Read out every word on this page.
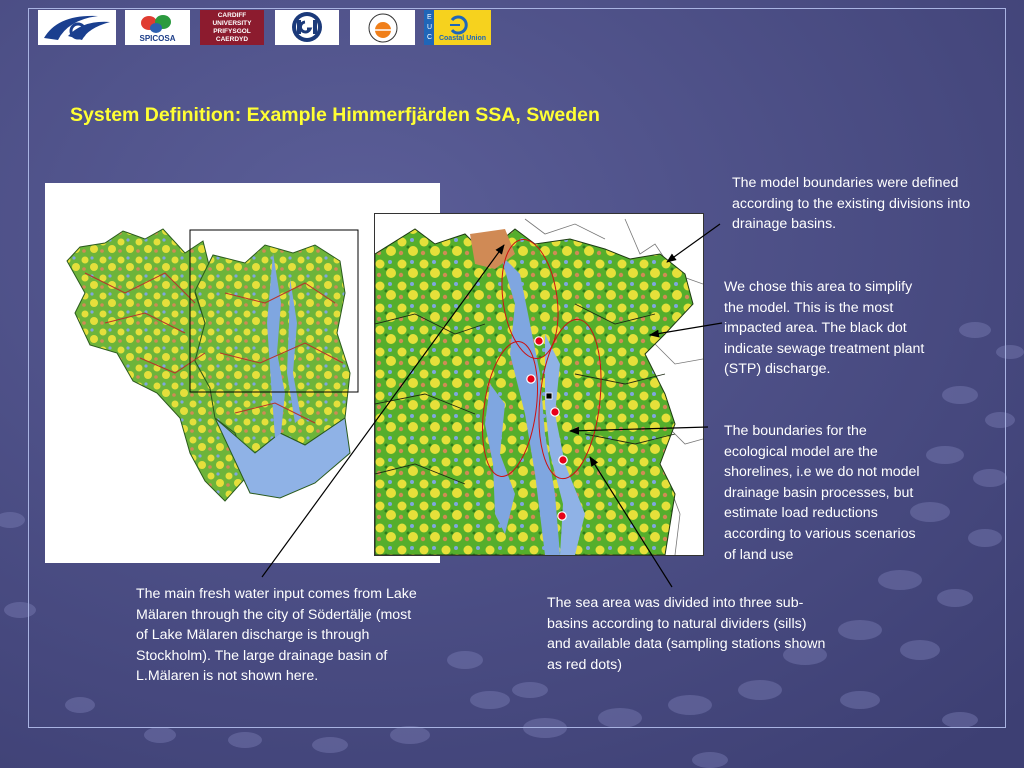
SPICOSA
CARDIFF UNIVERSITY PRIFYSGOL CAERDYD
E
U
C Coastal Union
System Definition: Example Himmerfjärden SSA, Sweden
The model boundaries were defined according to the existing divisions into drainage basins.
We chose this area to simplify the model. This is the most impacted area. The black dot indicate sewage treatment plant (STP) discharge.
The boundaries for the ecological model are the shorelines, i.e we do not model drainage basin processes, but estimate load reductions according to various scenarios of land use
The main fresh water input comes from Lake Mälaren through the city of Södertälje (most of Lake Mälaren discharge is through Stockholm). The large drainage basin of L.Mälaren is not shown here.
The sea area was divided into three sub-basins according to natural dividers (sills) and available data (sampling stations shown as red dots)
